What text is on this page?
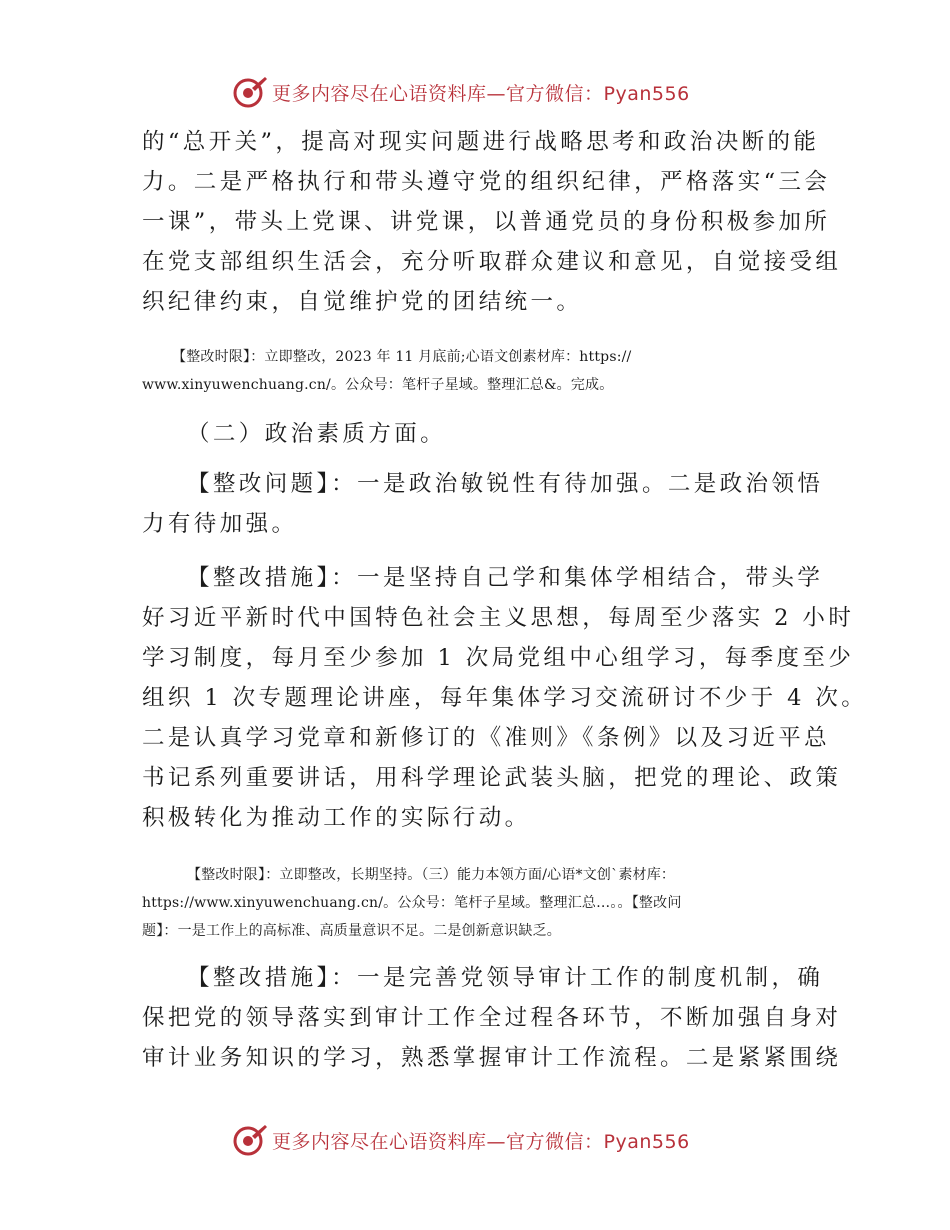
更多内容尽在心语资料库—官方微信：Pyan556
的“总开关”，提高对现实问题进行战略思考和政治决断的能
力。二是严格执行和带头遵守党的组织纪律，严格落实“三会
一课”，带头上党课、讲党课，以普通党员的身份积极参加所
在党支部组织生活会，充分听取群众建议和意见，自觉接受组
织纪律约束，自觉维护党的团结统一。
【整改时限】：立即整改，2023 年 11 月底前;心语文创素材库：https://
www.xinyuwenchuang.cn/。公众号：笔杆子星域。整理汇总&。完成。
（二）政治素质方面。
【整改问题】：一是政治敏锐性有待加强。二是政治领悟
力有待加强。
【整改措施】：一是坚持自己学和集体学相结合，带头学
好习近平新时代中国特色社会主义思想，每周至少落实 2 小时
学习制度，每月至少参加 1 次局党组中心组学习，每季度至少
组织 1 次专题理论讲座，每年集体学习交流研讨不少于 4 次。
二是认真学习党章和新修订的《准则》《条例》以及习近平总
书记系列重要讲话，用科学理论武装头脑，把党的理论、政策
积极转化为推动工作的实际行动。
【整改时限】：立即整改，长期坚持。（三）能力本领方面/心语*文创`素材库：
https://www.xinyuwenchuang.cn/。公众号：笔杆子星域。整理汇总…。。【整改问
题】：一是工作上的高标准、高质量意识不足。二是创新意识缺乏。
【整改措施】：一是完善党领导审计工作的制度机制，确
保把党的领导落实到审计工作全过程各环节，不断加强自身对
审计业务知识的学习，熟悉掌握审计工作流程。二是紧紧围绕
更多内容尽在心语资料库—官方微信：Pyan556
